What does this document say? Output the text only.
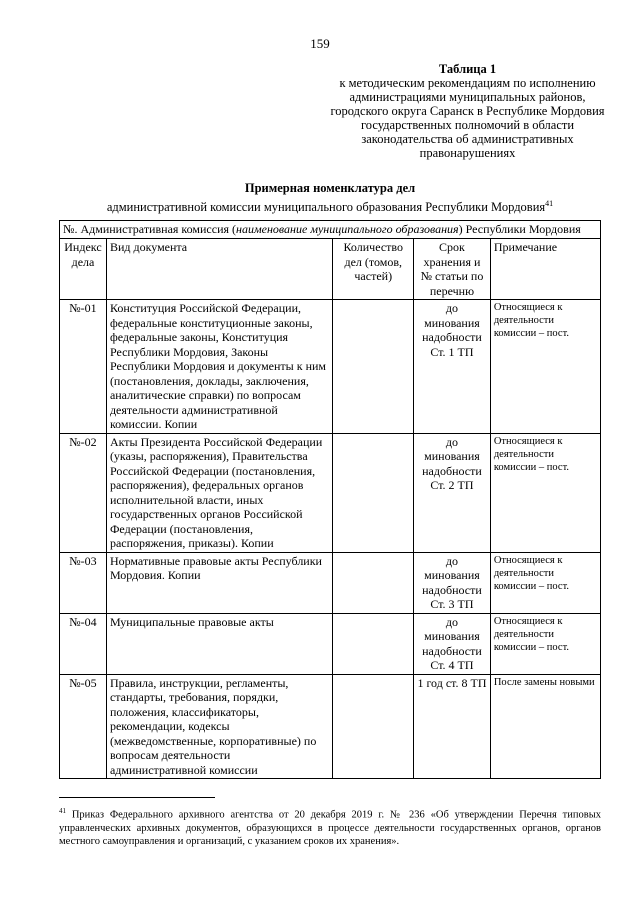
159
Таблица 1
к методическим рекомендациям по исполнению администрациями муниципальных районов, городского округа Саранск в Республике Мордовия государственных полномочий в области законодательства об административных правонарушениях
Примерная номенклатура дел
административной комиссии муниципального образования Республики Мордовия$^{41}$
№. Административная комиссия (наименование муниципального образования) Республики Мордовия				
Индекс дела	Вид документа	Количество дел (томов, частей)	Срок хранения и № статьи по перечню	Примечание
№-01	Конституция Российской Федерации, федеральные конституционные законы, федеральные законы, Конституция Республики Мордовия, Законы Республики Мордовия и документы к ним (постановления, доклады, заключения, аналитические справки) по вопросам деятельности административной комиссии. Копии		до минования надобности Ст. 1 ТП	Относящиеся к деятельности комиссии – пост.
№-02	Акты Президента Российской Федерации (указы, распоряжения), Правительства Российской Федерации (постановления, распоряжения), федеральных органов исполнительной власти, иных государственных органов Российской Федерации (постановления, распоряжения, приказы). Копии		до минования надобности Ст. 2 ТП	Относящиеся к деятельности комиссии – пост.
№-03	Нормативные правовые акты Республики Мордовия. Копии		до минования надобности Ст. 3 ТП	Относящиеся к деятельности комиссии – пост.
№-04	Муниципальные правовые акты		до минования надобности Ст. 4 ТП	Относящиеся к деятельности комиссии – пост.
№-05	Правила, инструкции, регламенты, стандарты, требования, порядки, положения, классификаторы, рекомендации, кодексы (межведомственные, корпоративные) по вопросам деятельности административной комиссии		1 год ст. 8 ТП	После замены новыми
$^{41}$ Приказ Федерального архивного агентства от 20 декабря 2019 г. № 236 «Об утверждении Перечня типовых управленческих архивных документов, образующихся в процессе деятельности государственных органов, органов местного самоуправления и организаций, с указанием сроков их хранения».
